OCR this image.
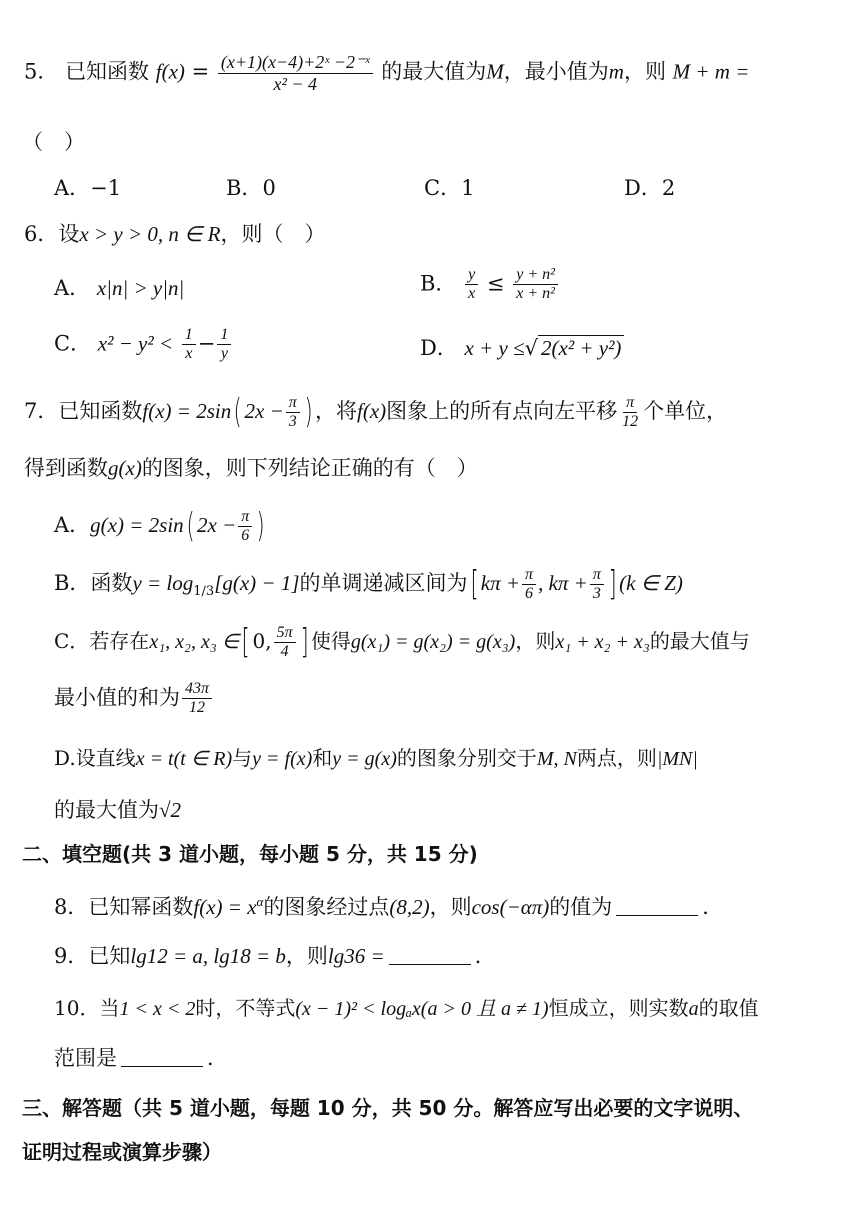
5． 已知函数 $f(x) = \frac{\text{(x+1)(x−4)+2ˣ −2⁻ˣ}}{\text{x² − 4}}$ 的最大值为M，最小值为m，则 M + m =
（　）
A．−1	B．0	C．1	D．2
6．设x > y > 0, n ∈ R，则（　）
A． x|n| > y|n|	B． $\frac{y}{x} \le \frac{\text{y + n²}}{\text{x + n²}}$
C． $x^2 - y^2 < \frac{1}{x} - \frac{1}{y}$	D． x + y ≤√ 2(x² + y²)
7．已知函数f(x) = 2sin( $2x - \frac{\pi}{3}$ ) ，将f(x)图象上的所有点向左平移 $\frac{\pi}{12}$ 个单位，
得到函数g(x)的图象，则下列结论正确的有（　）
A．g(x) = 2sin( $2x - \frac{\pi}{6}$ )
B．函数$y = \log_{1/3}[g(x) - 1]$的单调递减区间为[ $k\pi + \frac{\pi}{6}$ , $k\pi + \frac{\pi}{3}$ ] (k ∈ Z)
C．若存在x₁, x₂, x₃ ∈[ 0, $\frac{5\pi}{4}$ ] 使得g(x₁) = g(x₂) = g(x₃)，则x₁ + x₂ + x₃的最大值与
最小值的和为 $\frac{43\pi}{12}$
D.设直线x = t(t ∈ R)与y = f(x)和y = g(x)的图象分别交于M, N两点，则|MN|
的最大值为√2
二、填空题(共 3 道小题，每小题 5 分，共 15 分)
8．已知幂函数$f(x) = x^\alpha$的图象经过点(8,2)，则cos(−απ)的值为	．
9．已知lg12 = a, lg18 = b，则lg36 =	.
10．当1 < x < 2时，不等式(x − 1)² < logₐx(a > 0 且 a ≠ 1)恒成立，则实数a的取值
范围是	．
三、解答题（共 5 道小题，每题 10 分，共 50 分。解答应写出必要的文字说明、
证明过程或演算步骤）
